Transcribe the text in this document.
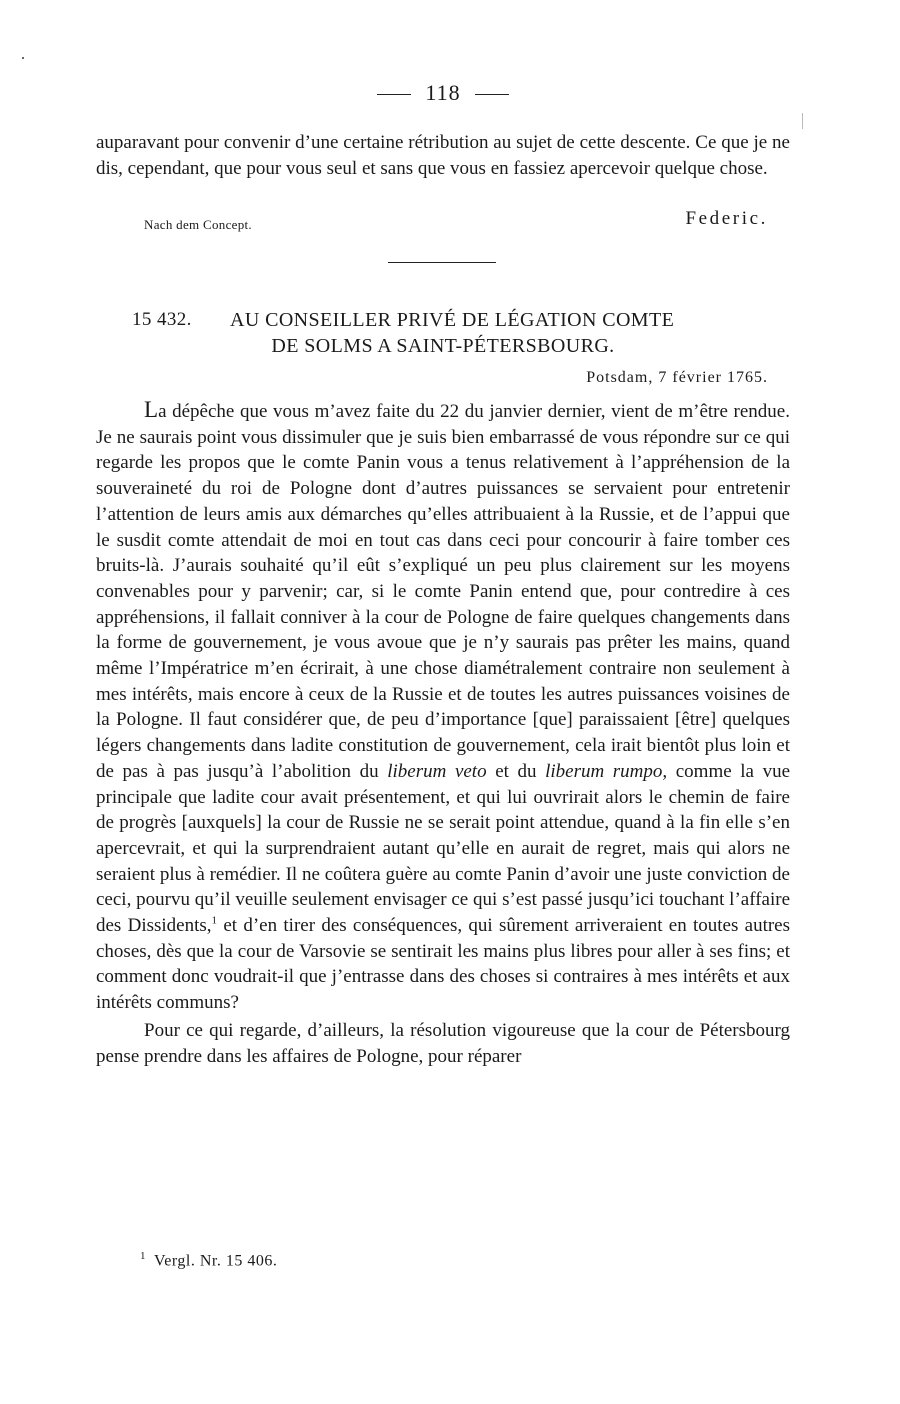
118

auparavant pour convenir d’une certaine rétribution au sujet de cette descente. Ce que je ne dis, cependant, que pour vous seul et sans que vous en fassiez apercevoir quelque chose.

Nach dem Concept.	Federic.
15 432.	AU CONSEILLER PRIVÉ DE LÉGATION COMTE
DE SOLMS A SAINT-PÉTERSBOURG.
Potsdam, 7 février 1765.

La dépêche que vous m’avez faite du 22 du janvier dernier, vient de m’être rendue. Je ne saurais point vous dissimuler que je suis bien embarrassé de vous répondre sur ce qui regarde les propos que le comte Panin vous a tenus relativement à l’appréhension de la souveraineté du roi de Pologne dont d’autres puissances se servaient pour entretenir l’attention de leurs amis aux démarches qu’elles attribuaient à la Russie, et de l’appui que le susdit comte attendait de moi en tout cas dans ceci pour concourir à faire tomber ces bruits-là. J’aurais souhaité qu’il eût s’expliqué un peu plus clairement sur les moyens convenables pour y parvenir; car, si le comte Panin entend que, pour contredire à ces appréhensions, il fallait conniver à la cour de Pologne de faire quelques changements dans la forme de gouvernement, je vous avoue que je n’y saurais pas prêter les mains, quand même l’Impératrice m’en écrirait, à une chose diamétralement contraire non seulement à mes intérêts, mais encore à ceux de la Russie et de toutes les autres puissances voisines de la Pologne. Il faut considérer que, de peu d’importance [que] paraissaient [être] quelques légers changements dans ladite constitution de gouvernement, cela irait bientôt plus loin et de pas à pas jusqu’à l’abolition du liberum veto et du liberum rumpo, comme la vue principale que ladite cour avait présentement, et qui lui ouvrirait alors le chemin de faire de progrès [auxquels] la cour de Russie ne se serait point attendue, quand à la fin elle s’en apercevrait, et qui la surprendraient autant qu’elle en aurait de regret, mais qui alors ne seraient plus à remédier. Il ne coûtera guère au comte Panin d’avoir une juste conviction de ceci, pourvu qu’il veuille seulement envisager ce qui s’est passé jusqu’ici touchant l’affaire des Dissidents,$^1$ et d’en tirer des conséquences, qui sûrement arriveraient en toutes autres choses, dès que la cour de Varsovie se sentirait les mains plus libres pour aller à ses fins; et comment donc voudrait-il que j’entrasse dans des choses si contraires à mes intérêts et aux intérêts communs?

Pour ce qui regarde, d’ailleurs, la résolution vigoureuse que la cour de Pétersbourg pense prendre dans les affaires de Pologne, pour réparer

$^1$ Vergl. Nr. 15 406.
